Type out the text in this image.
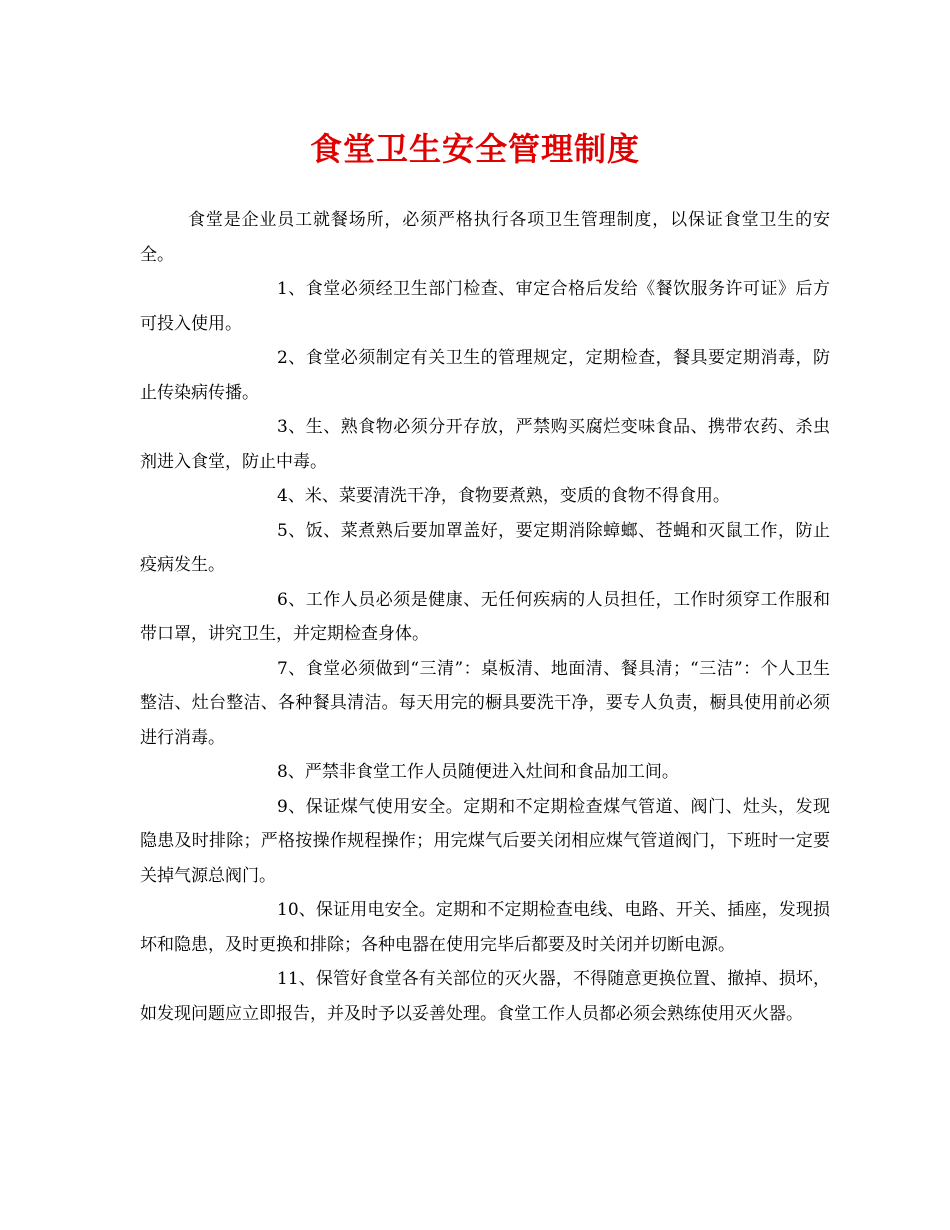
食堂卫生安全管理制度

食堂是企业员工就餐场所，必须严格执行各项卫生管理制度，以保证食堂卫生的安全。

1、食堂必须经卫生部门检查、审定合格后发给《餐饮服务许可证》后方可投入使用。

2、食堂必须制定有关卫生的管理规定，定期检查，餐具要定期消毒，防止传染病传播。

3、生、熟食物必须分开存放，严禁购买腐烂变味食品、携带农药、杀虫剂进入食堂，防止中毒。

4、米、菜要清洗干净，食物要煮熟，变质的食物不得食用。

5、饭、菜煮熟后要加罩盖好，要定期消除蟑螂、苍蝇和灭鼠工作，防止疫病发生。

6、工作人员必须是健康、无任何疾病的人员担任，工作时须穿工作服和带口罩，讲究卫生，并定期检查身体。

7、食堂必须做到“三清”：桌板清、地面清、餐具清；“三洁”：个人卫生整洁、灶台整洁、各种餐具清洁。每天用完的橱具要洗干净，要专人负责，橱具使用前必须进行消毒。

8、严禁非食堂工作人员随便进入灶间和食品加工间。

9、保证煤气使用安全。定期和不定期检查煤气管道、阀门、灶头，发现隐患及时排除；严格按操作规程操作；用完煤气后要关闭相应煤气管道阀门，下班时一定要关掉气源总阀门。

10、保证用电安全。定期和不定期检查电线、电路、开关、插座，发现损坏和隐患，及时更换和排除；各种电器在使用完毕后都要及时关闭并切断电源。

11、保管好食堂各有关部位的灭火器，不得随意更换位置、撤掉、损坏，如发现问题应立即报告，并及时予以妥善处理。食堂工作人员都必须会熟练使用灭火器。
